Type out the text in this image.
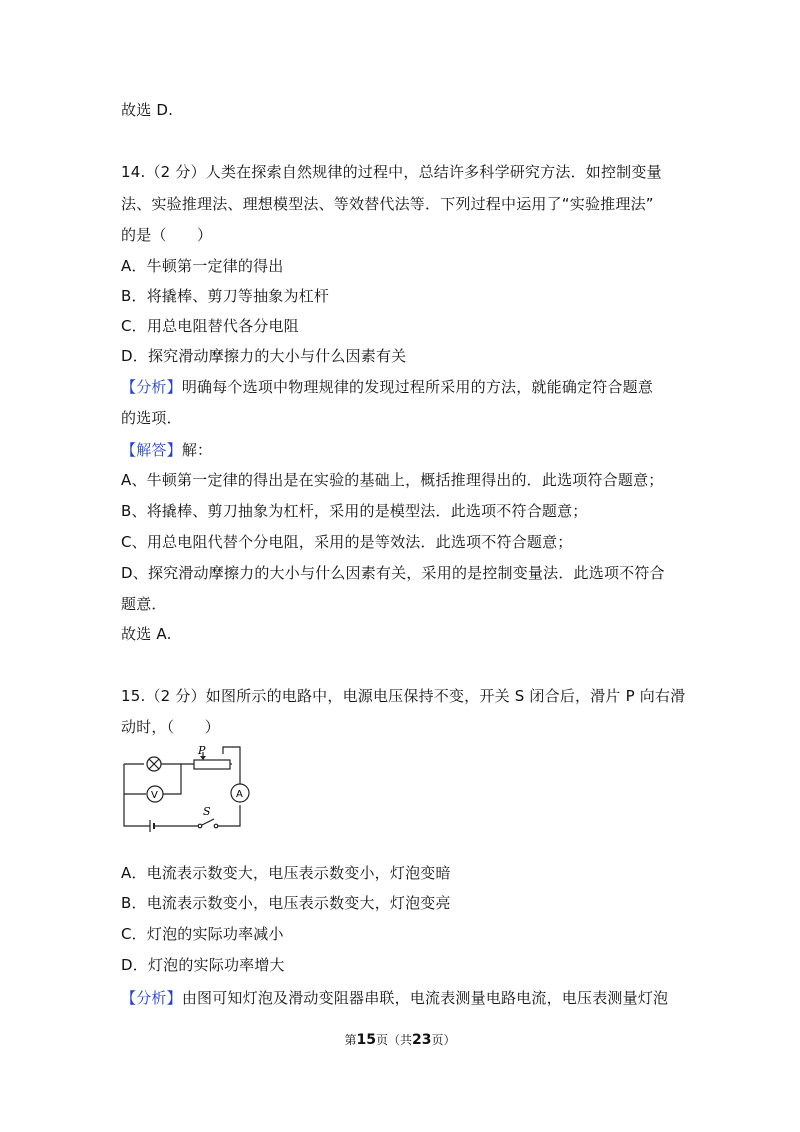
故选 D.
14.（2 分）人类在探索自然规律的过程中，总结许多科学研究方法．如控制变量
法、实验推理法、理想模型法、等效替代法等．下列过程中运用了“实验推理法”
的是（　　）
A．牛顿第一定律的得出
B．将撬棒、剪刀等抽象为杠杆
C．用总电阻替代各分电阻
D．探究滑动摩擦力的大小与什么因素有关
【分析】明确每个选项中物理规律的发现过程所采用的方法，就能确定符合题意
的选项．
【解答】解：
A、牛顿第一定律的得出是在实验的基础上，概括推理得出的．此选项符合题意；
B、将撬棒、剪刀抽象为杠杆，采用的是模型法．此选项不符合题意；
C、用总电阻代替个分电阻，采用的是等效法．此选项不符合题意；
D、探究滑动摩擦力的大小与什么因素有关，采用的是控制变量法．此选项不符合
题意．
故选 A.
15.（2 分）如图所示的电路中，电源电压保持不变，开关 S 闭合后，滑片 P 向右滑
动时，（　　）
P
V	A
S
A．电流表示数变大，电压表示数变小，灯泡变暗
B．电流表示数变小，电压表示数变大，灯泡变亮
C．灯泡的实际功率减小
D．灯泡的实际功率增大
【分析】由图可知灯泡及滑动变阻器串联，电流表测量电路电流，电压表测量灯泡
第15页（共23页）
